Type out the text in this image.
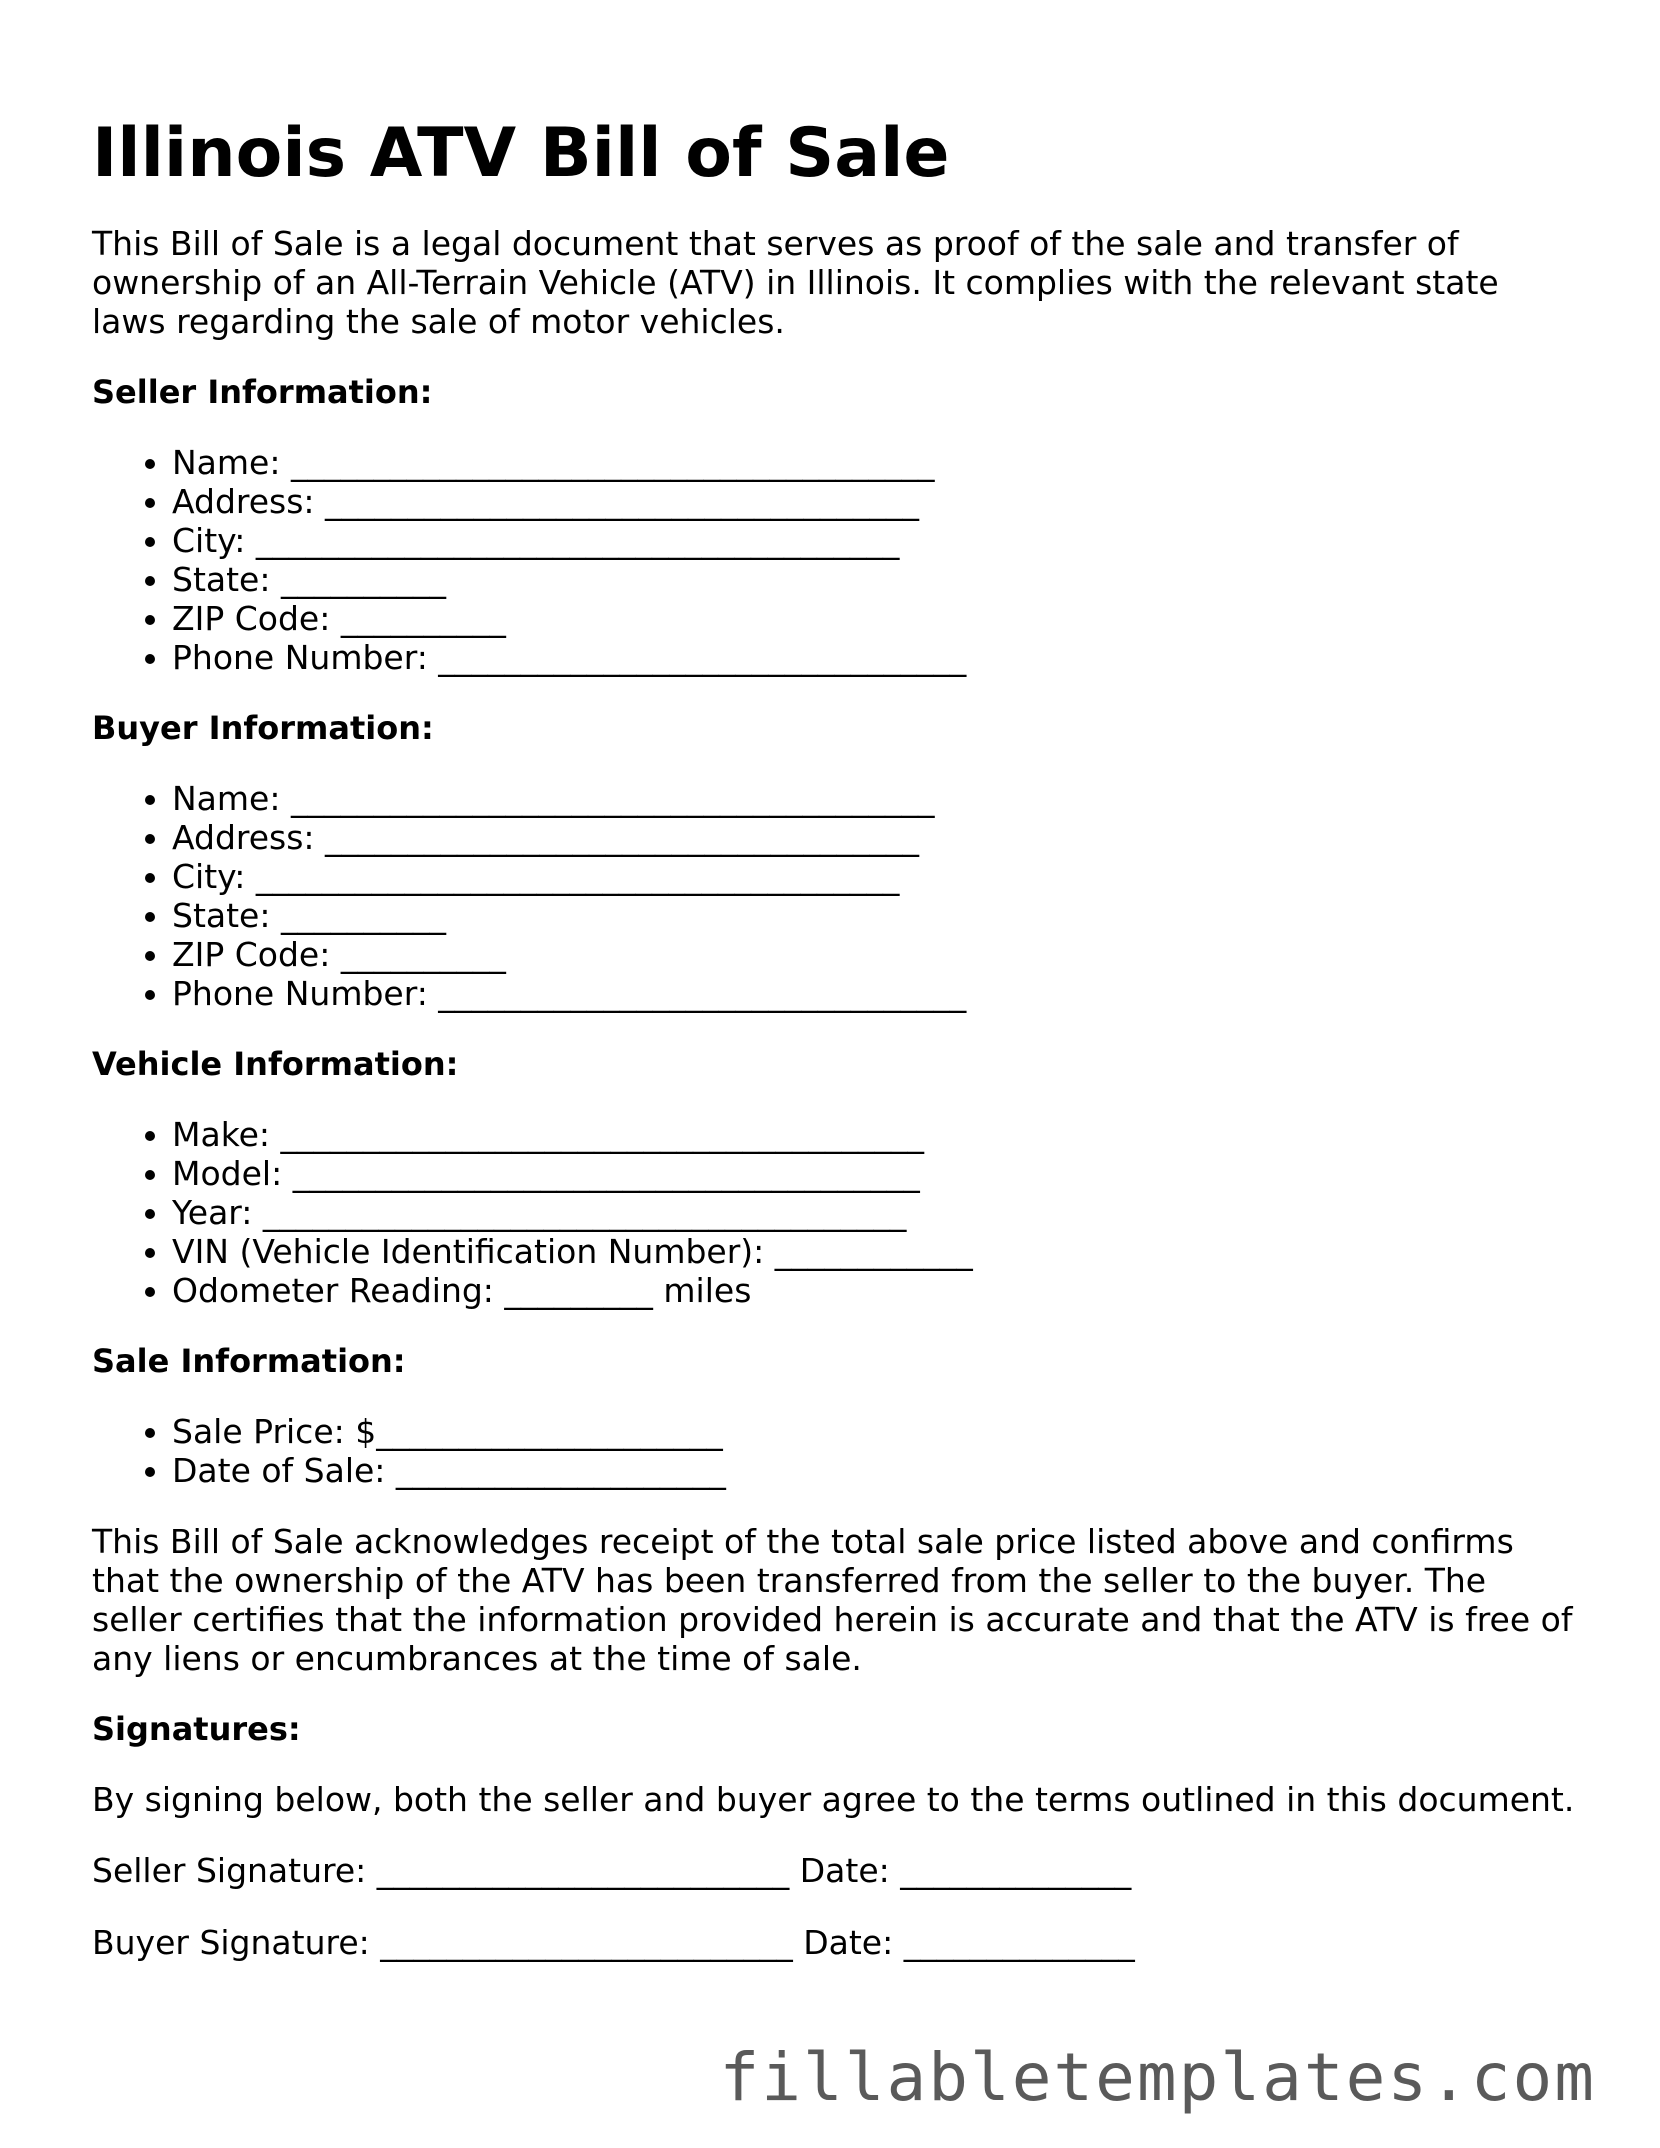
Illinois ATV Bill of Sale

This Bill of Sale is a legal document that serves as proof of the sale and transfer of ownership of an All-Terrain Vehicle (ATV) in Illinois. It complies with the relevant state laws regarding the sale of motor vehicles.

Seller Information:
• Name: _______________________________________
• Address: ____________________________________
• City: _______________________________________
• State: __________
• ZIP Code: __________
• Phone Number: ________________________________
Buyer Information:
• Name: _______________________________________
• Address: ____________________________________
• City: _______________________________________
• State: __________
• ZIP Code: __________
• Phone Number: ________________________________
Vehicle Information:
• Make: _______________________________________
• Model: ______________________________________
• Year: _______________________________________
• VIN (Vehicle Identification Number): ____________
• Odometer Reading: _________ miles
Sale Information:
• Sale Price: $_____________________
• Date of Sale: ____________________

This Bill of Sale acknowledges receipt of the total sale price listed above and confirms that the ownership of the ATV has been transferred from the seller to the buyer. The seller certifies that the information provided herein is accurate and that the ATV is free of any liens or encumbrances at the time of sale.

Signatures:

By signing below, both the seller and buyer agree to the terms outlined in this document.

Seller Signature: _________________________ Date: ______________
Buyer Signature: _________________________ Date: ______________
fillabletemplates.com
